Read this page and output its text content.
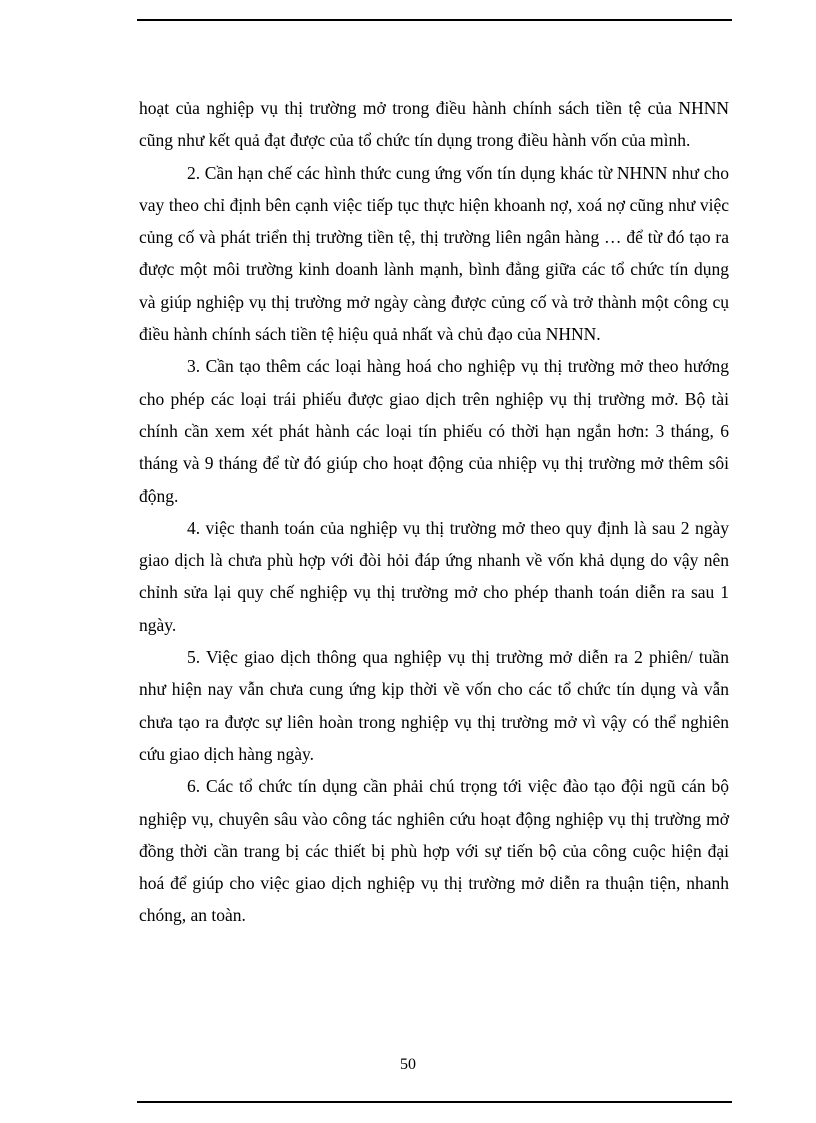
hoạt của nghiệp vụ thị trường mở trong điều hành chính sách tiền tệ của NHNN cũng như kết quả đạt được của tổ chức tín dụng trong điều hành vốn của mình.

2. Cần hạn chế các hình thức cung ứng vốn tín dụng khác từ NHNN như cho vay theo chỉ định bên cạnh việc tiếp tục thực hiện khoanh nợ, xoá nợ cũng như việc củng cố và phát triển thị trường tiền tệ, thị trường liên ngân hàng … để từ đó tạo ra được một môi trường kinh doanh lành mạnh, bình đẳng giữa các tổ chức tín dụng và giúp nghiệp vụ thị trường mở ngày càng được củng cố và trở thành một công cụ điều hành chính sách tiền tệ hiệu quả nhất và chủ đạo của NHNN.

3. Cần tạo thêm các loại hàng hoá cho nghiệp vụ thị trường mở theo hướng cho phép các loại trái phiếu được giao dịch trên nghiệp vụ thị trường mở. Bộ tài chính cần xem xét phát hành các loại tín phiếu có thời hạn ngắn hơn: 3 tháng, 6 tháng và 9 tháng để từ đó giúp cho hoạt động của nhiệp vụ thị trường mở thêm sôi động.

4. việc thanh toán của nghiệp vụ thị trường mở theo quy định là sau 2 ngày giao dịch là chưa phù hợp với đòi hỏi đáp ứng nhanh về vốn khả dụng do vậy nên chỉnh sửa lại quy chế nghiệp vụ thị trường mở cho phép thanh toán diễn ra sau 1 ngày.

5. Việc giao dịch thông qua nghiệp vụ thị trường mở diễn ra 2 phiên/ tuần như hiện nay vẫn chưa cung ứng kịp thời về vốn cho các tổ chức tín dụng và vẫn chưa tạo ra được sự liên hoàn trong nghiệp vụ thị trường mở vì vậy có thể nghiên cứu giao dịch hàng ngày.

6. Các tổ chức tín dụng cần phải chú trọng tới việc đào tạo đội ngũ cán bộ nghiệp vụ, chuyên sâu vào công tác nghiên cứu hoạt động nghiệp vụ thị trường mở đồng thời cần trang bị các thiết bị phù hợp với sự tiến bộ của công cuộc hiện đại hoá để giúp cho việc giao dịch nghiệp vụ thị trường mở diễn ra thuận tiện, nhanh chóng, an toàn.

50
